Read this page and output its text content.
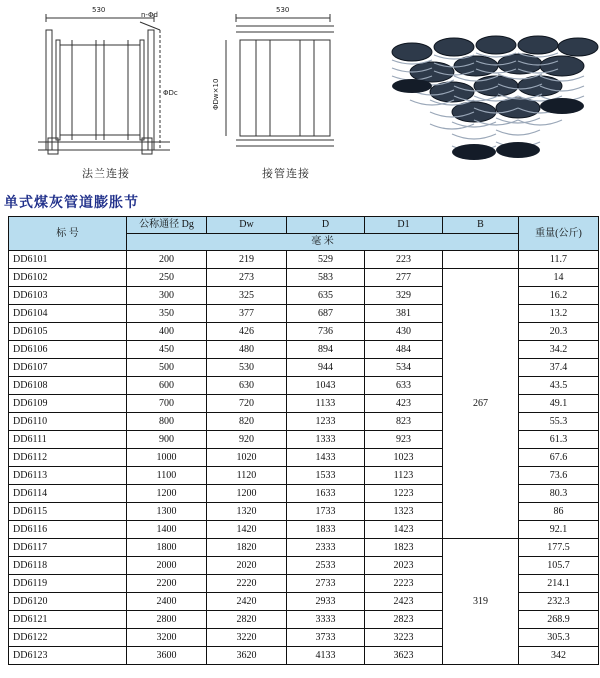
530
n-Φd
ΦDc
530
ΦDw×10
法兰连接	接管连接
单式煤灰管道膨胀节
标 号	公称通径 Dg	Dw	D	D1	B	重量(公斤)
	毫 米					
DD6101	200	219	529	223		11.7
DD6102	250	273	583	277	267	14
DD6103	300	325	635	329		16.2
DD6104	350	377	687	381		13.2
DD6105	400	426	736	430		20.3
DD6106	450	480	894	484		34.2
DD6107	500	530	944	534		37.4
DD6108	600	630	1043	633		43.5
DD6109	700	720	1133	423		49.1
DD6110	800	820	1233	823		55.3
DD6111	900	920	1333	923		61.3
DD6112	1000	1020	1433	1023		67.6
DD6113	1100	1120	1533	1123		73.6
DD6114	1200	1200	1633	1223		80.3
DD6115	1300	1320	1733	1323		86
DD6116	1400	1420	1833	1423		92.1
DD6117	1800	1820	2333	1823	319	177.5
DD6118	2000	2020	2533	2023		105.7
DD6119	2200	2220	2733	2223		214.1
DD6120	2400	2420	2933	2423		232.3
DD6121	2800	2820	3333	2823		268.9
DD6122	3200	3220	3733	3223		305.3
DD6123	3600	3620	4133	3623		342
